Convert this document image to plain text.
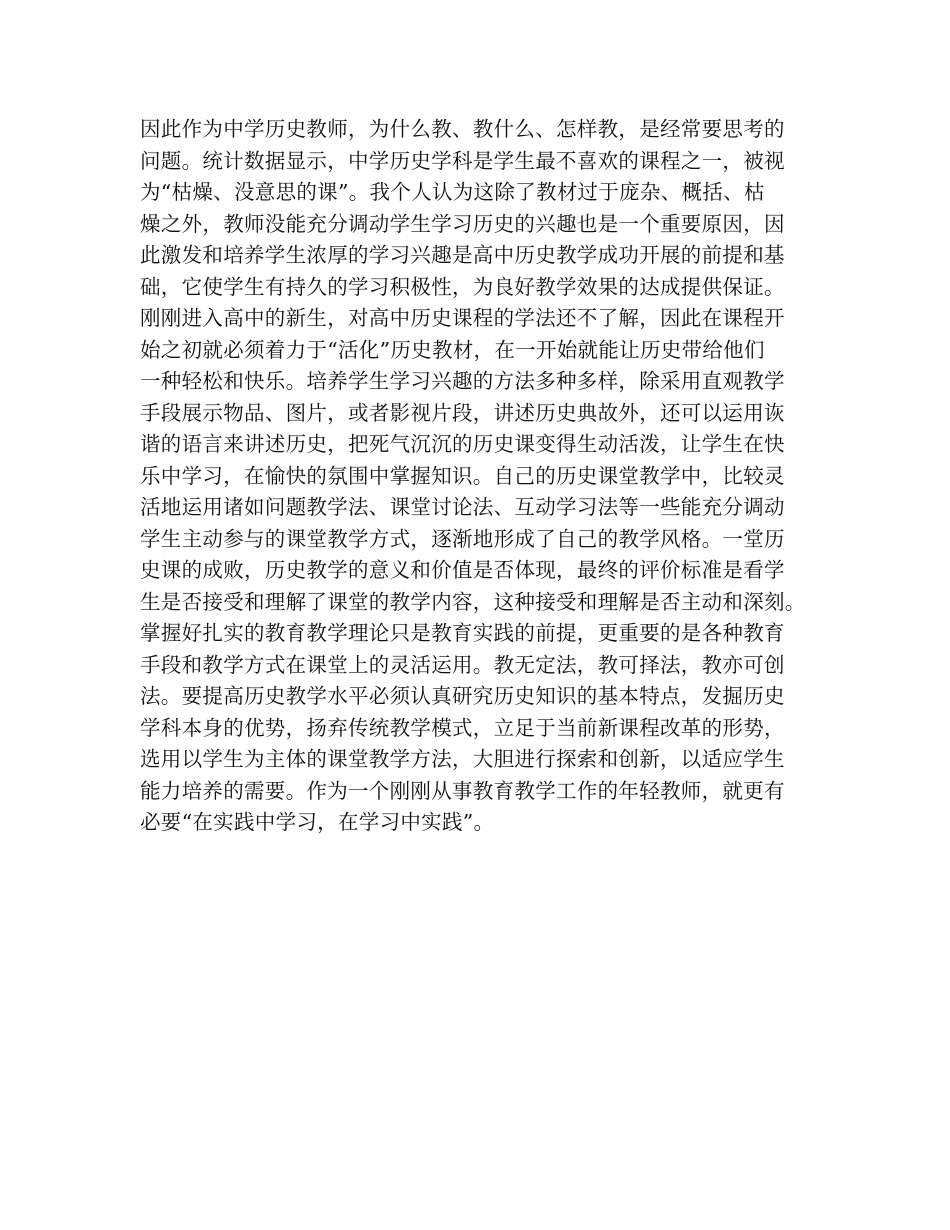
因此作为中学历史教师，为什么教、教什么、怎样教，是经常要思考的
问题。统计数据显示，中学历史学科是学生最不喜欢的课程之一，被视
为“枯燥、没意思的课”。我个人认为这除了教材过于庞杂、概括、枯
燥之外，教师没能充分调动学生学习历史的兴趣也是一个重要原因，因
此激发和培养学生浓厚的学习兴趣是高中历史教学成功开展的前提和基
础，它使学生有持久的学习积极性，为良好教学效果的达成提供保证。
刚刚进入高中的新生，对高中历史课程的学法还不了解，因此在课程开
始之初就必须着力于“活化”历史教材，在一开始就能让历史带给他们
一种轻松和快乐。培养学生学习兴趣的方法多种多样，除采用直观教学
手段展示物品、图片，或者影视片段，讲述历史典故外，还可以运用诙
谐的语言来讲述历史，把死气沉沉的历史课变得生动活泼，让学生在快
乐中学习，在愉快的氛围中掌握知识。自己的历史课堂教学中，比较灵
活地运用诸如问题教学法、课堂讨论法、互动学习法等一些能充分调动
学生主动参与的课堂教学方式，逐渐地形成了自己的教学风格。一堂历
史课的成败，历史教学的意义和价值是否体现，最终的评价标准是看学
生是否接受和理解了课堂的教学内容，这种接受和理解是否主动和深刻。
掌握好扎实的教育教学理论只是教育实践的前提，更重要的是各种教育
手段和教学方式在课堂上的灵活运用。教无定法，教可择法，教亦可创
法。要提高历史教学水平必须认真研究历史知识的基本特点，发掘历史
学科本身的优势，扬弃传统教学模式，立足于当前新课程改革的形势，
选用以学生为主体的课堂教学方法，大胆进行探索和创新，以适应学生
能力培养的需要。作为一个刚刚从事教育教学工作的年轻教师，就更有
必要“在实践中学习，在学习中实践”。
